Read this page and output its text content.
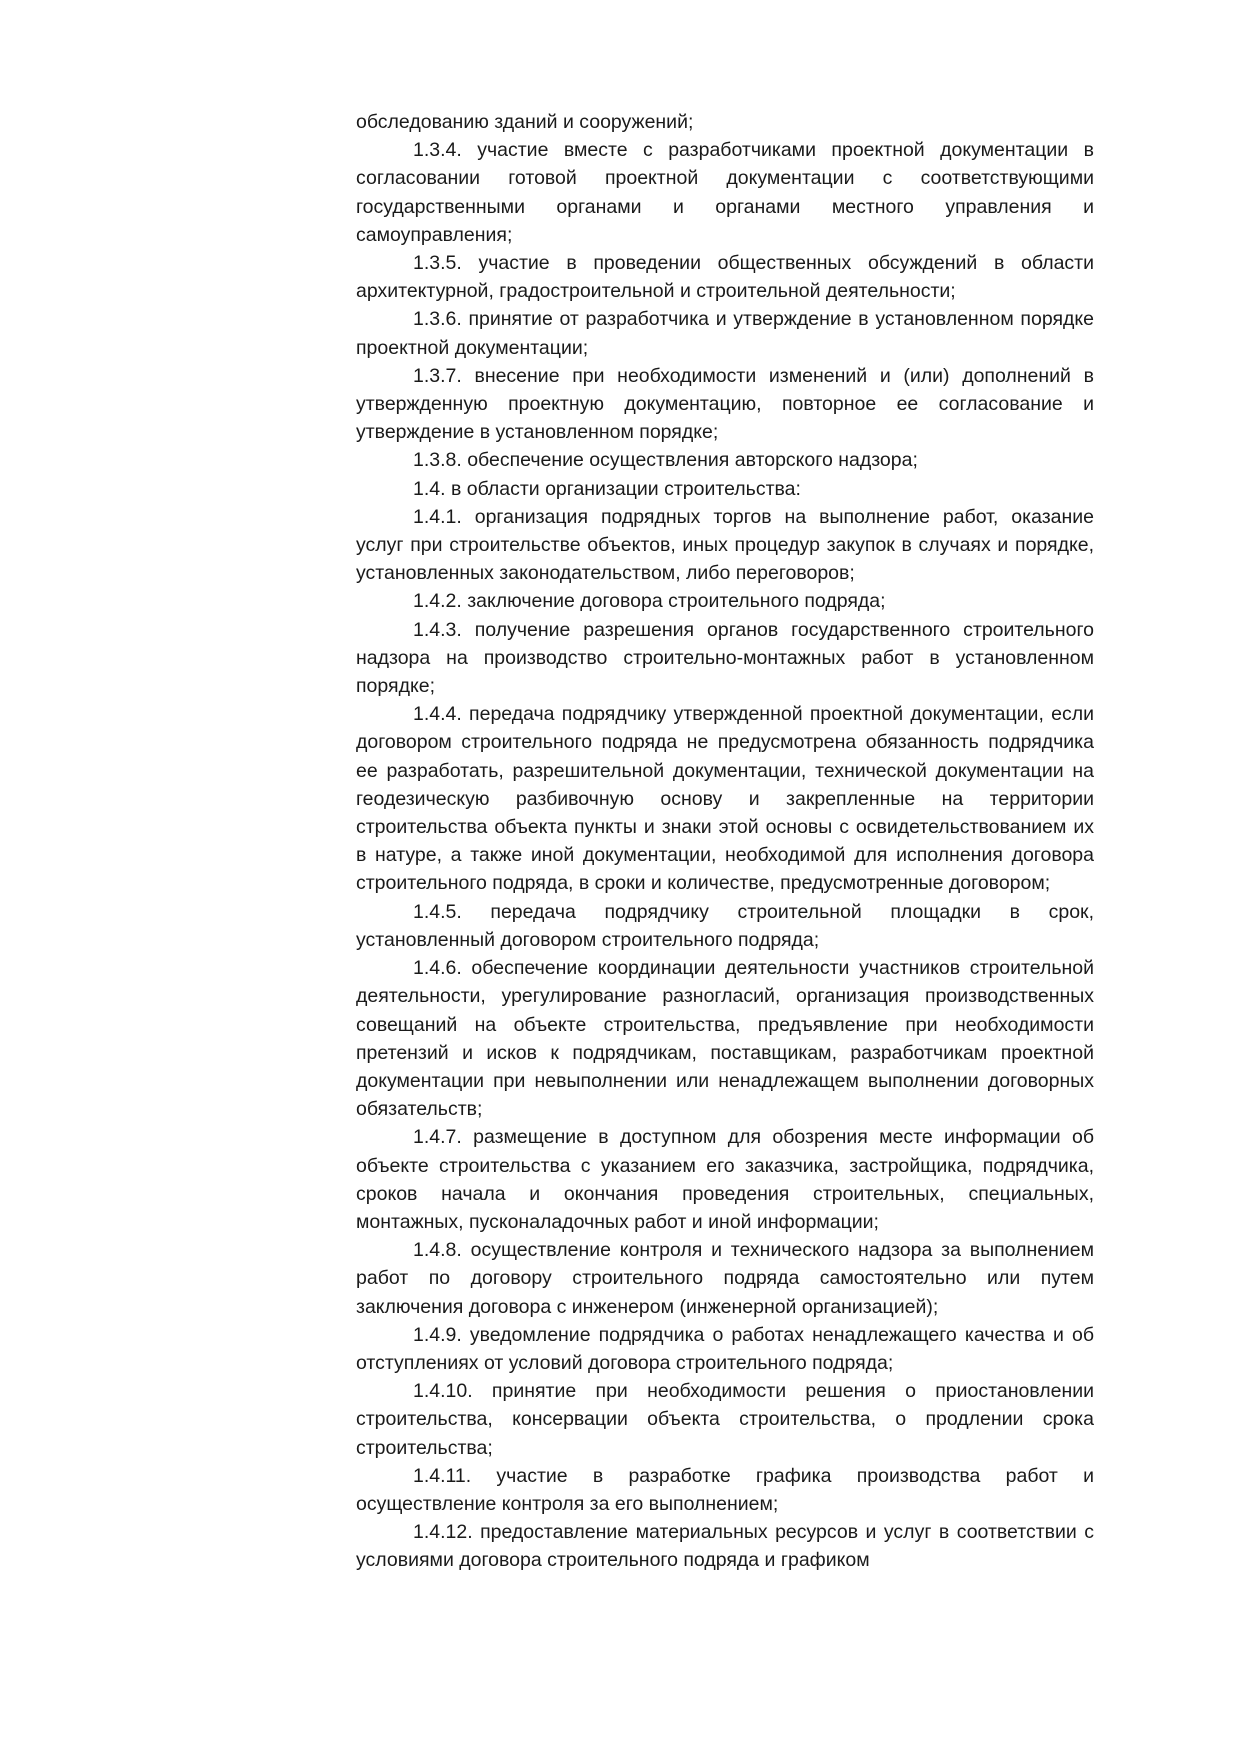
обследованию зданий и сооружений;

1.3.4. участие вместе с разработчиками проектной документации в согласовании готовой проектной документации с соответствующими государственными органами и органами местного управления и самоуправления;

1.3.5. участие в проведении общественных обсуждений в области архитектурной, градостроительной и строительной деятельности;

1.3.6. принятие от разработчика и утверждение в установленном порядке проектной документации;

1.3.7. внесение при необходимости изменений и (или) дополнений в утвержденную проектную документацию, повторное ее согласование и утверждение в установленном порядке;

1.3.8. обеспечение осуществления авторского надзора;

1.4. в области организации строительства:

1.4.1. организация подрядных торгов на выполнение работ, оказание услуг при строительстве объектов, иных процедур закупок в случаях и порядке, установленных законодательством, либо переговоров;

1.4.2. заключение договора строительного подряда;

1.4.3. получение разрешения органов государственного строительного надзора на производство строительно-монтажных работ в установленном порядке;

1.4.4. передача подрядчику утвержденной проектной документации, если договором строительного подряда не предусмотрена обязанность подрядчика ее разработать, разрешительной документации, технической документации на геодезическую разбивочную основу и закрепленные на территории строительства объекта пункты и знаки этой основы с освидетельствованием их в натуре, а также иной документации, необходимой для исполнения договора строительного подряда, в сроки и количестве, предусмотренные договором;

1.4.5. передача подрядчику строительной площадки в срок, установленный договором строительного подряда;

1.4.6. обеспечение координации деятельности участников строительной деятельности, урегулирование разногласий, организация производственных совещаний на объекте строительства, предъявление при необходимости претензий и исков к подрядчикам, поставщикам, разработчикам проектной документации при невыполнении или ненадлежащем выполнении договорных обязательств;

1.4.7. размещение в доступном для обозрения месте информации об объекте строительства с указанием его заказчика, застройщика, подрядчика, сроков начала и окончания проведения строительных, специальных, монтажных, пусконаладочных работ и иной информации;

1.4.8. осуществление контроля и технического надзора за выполнением работ по договору строительного подряда самостоятельно или путем заключения договора с инженером (инженерной организацией);

1.4.9. уведомление подрядчика о работах ненадлежащего качества и об отступлениях от условий договора строительного подряда;

1.4.10. принятие при необходимости решения о приостановлении строительства, консервации объекта строительства, о продлении срока строительства;

1.4.11. участие в разработке графика производства работ и осуществление контроля за его выполнением;

1.4.12. предоставление материальных ресурсов и услуг в соответствии с условиями договора строительного подряда и графиком
